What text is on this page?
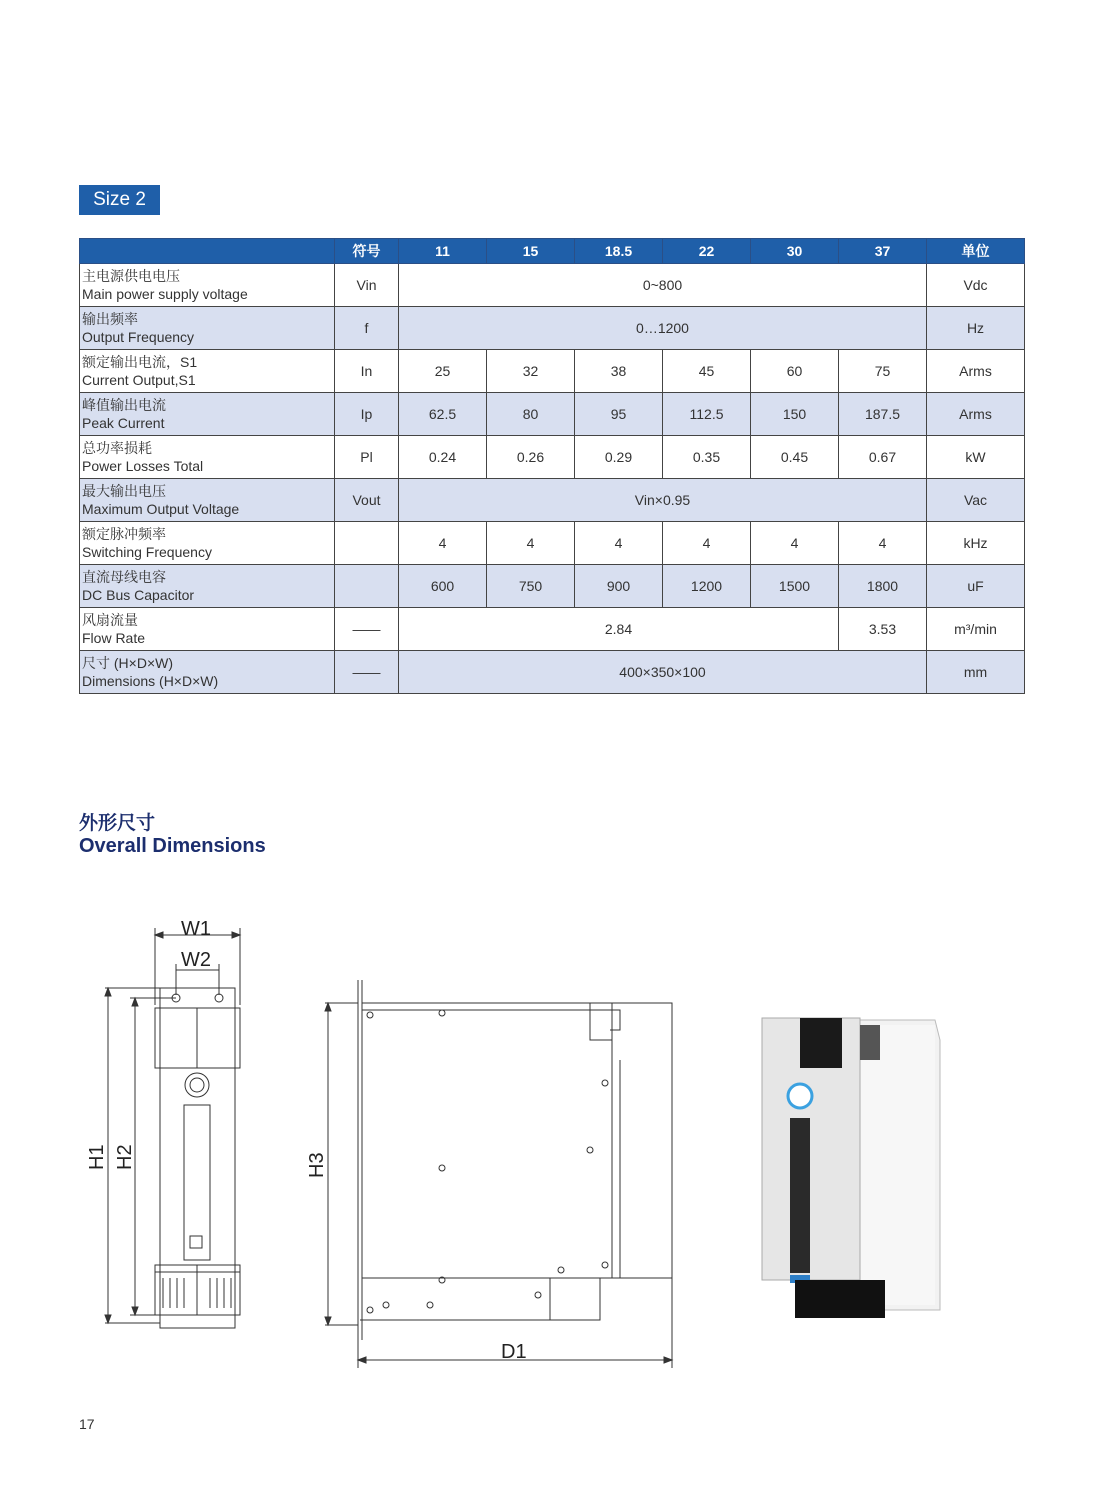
Size 2
	符号	11	15	18.5	22	30	37	单位

主电源供电电压
Main power supply voltage	Vin	0~800						Vdc

输出频率
Output Frequency	f	0…1200						Hz

额定输出电流，S1
Current Output,S1	In	25	32	38	45	60	75	Arms

峰值输出电流
Peak Current	Ip	62.5	80	95	112.5	150	187.5	Arms

总功率损耗
Power Losses Total	Pl	0.24	0.26	0.29	0.35	0.45	0.67	kW

最大输出电压
Maximum Output Voltage	Vout	Vin×0.95						Vac

额定脉冲频率
Switching Frequency		4	4	4	4	4	4	kHz

直流母线电容
DC Bus Capacitor		600	750	900	1200	1500	1800	uF

风扇流量
Flow Rate	——	2.84					3.53	m³/min

尺寸 (H×D×W)
Dimensions (H×D×W)	——	400×350×100						mm
外形尺寸
Overall Dimensions
W1
W2
H1 H2	H3
D1
17
